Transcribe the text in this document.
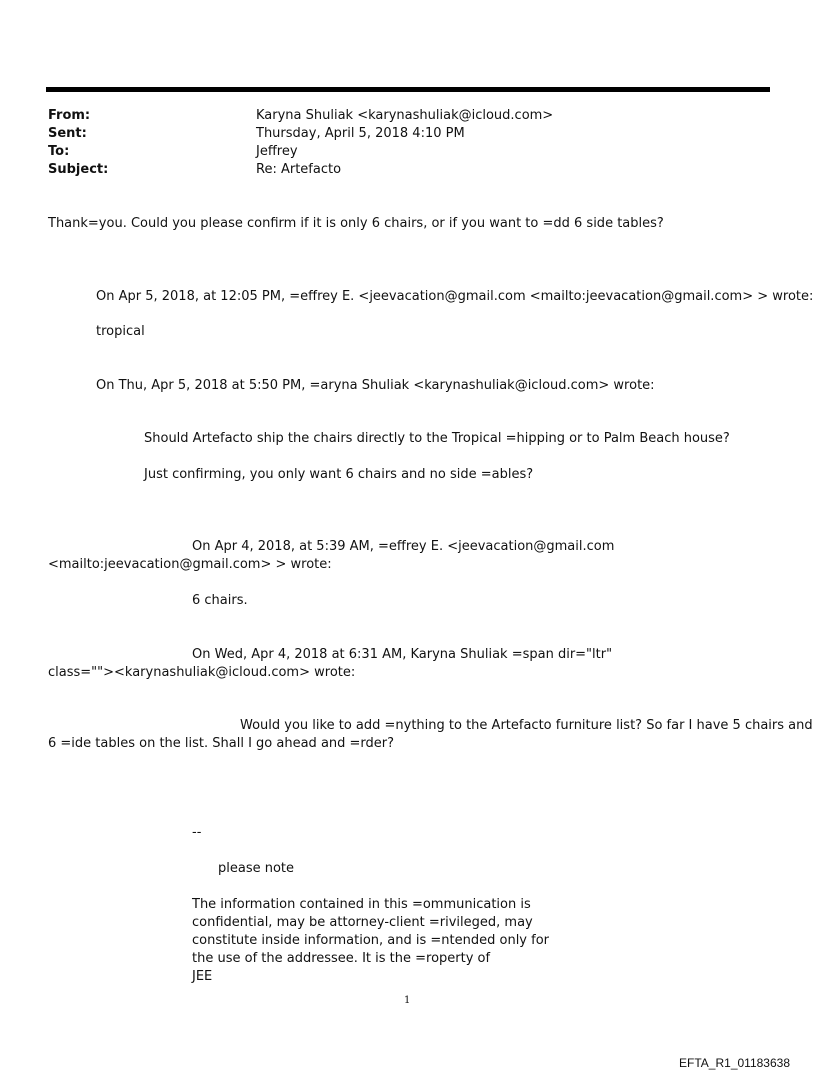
From:	Karyna Shuliak <karynashuliak@icloud.com>
Sent:	Thursday, April 5, 2018 4:10 PM
To:	Jeffrey
Subject:	Re: Artefacto
Thank=you. Could you please confirm if it is only 6 chairs, or if you want to =dd 6 side tables?
On Apr 5, 2018, at 12:05 PM, =effrey E. <jeevacation@gmail.com <mailto:jeevacation@gmail.com> > wrote:
tropical
On Thu, Apr 5, 2018 at 5:50 PM, =aryna Shuliak <karynashuliak@icloud.com> wrote:
Should Artefacto ship the chairs directly to the Tropical =hipping or to Palm Beach house?
Just confirming, you only want 6 chairs and no side =ables?
On Apr 4, 2018, at 5:39 AM, =effrey E. <jeevacation@gmail.com
<mailto:jeevacation@gmail.com> > wrote:
6 chairs.
On Wed, Apr 4, 2018 at 6:31 AM, Karyna Shuliak =span dir="ltr"
class=""><karynashuliak@icloud.com> wrote:
Would you like to add =nything to the Artefacto furniture list? So far I have 5 chairs and
6 =ide tables on the list. Shall I go ahead and =rder?
--
please note
The information contained in this =ommunication is
confidential, may be attorney-client =rivileged, may
constitute inside information, and is =ntended only for
the use of the addressee. It is the =roperty of
JEE
1
EFTA_R1_01183638
